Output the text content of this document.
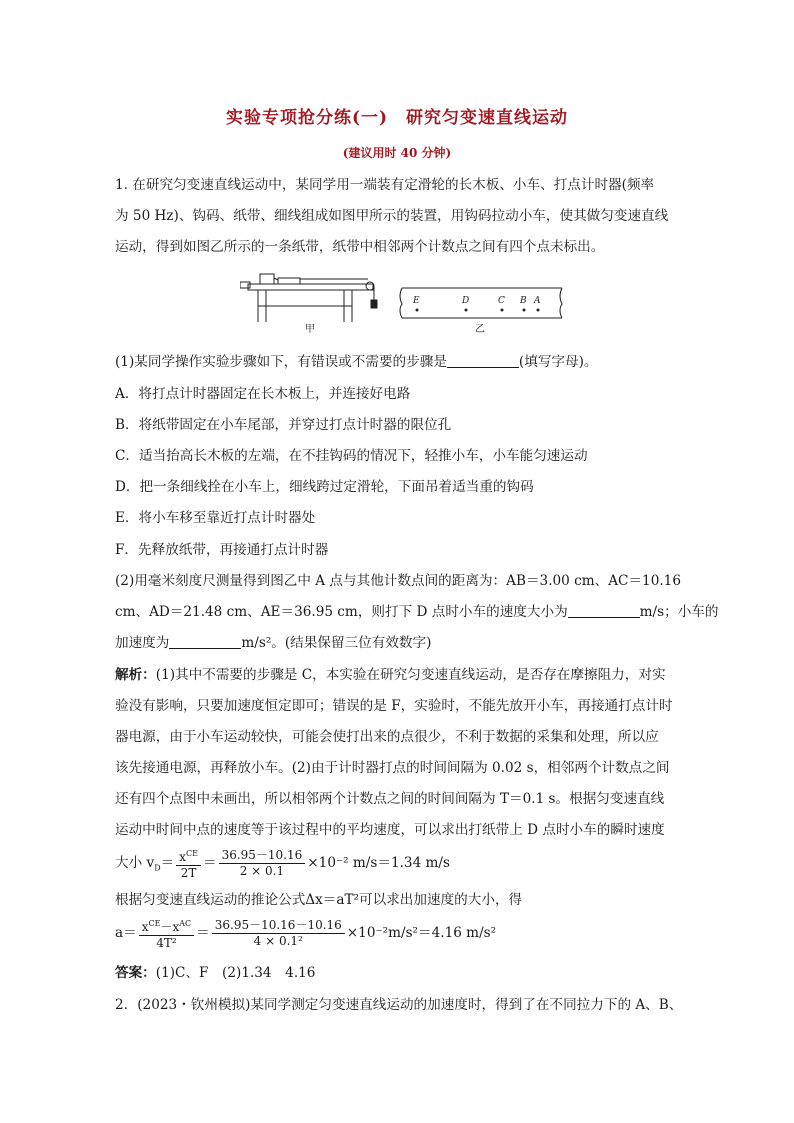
实验专项抢分练(一)　研究匀变速直线运动
(建议用时 40 分钟)
1. 在研究匀变速直线运动中，某同学用一端装有定滑轮的长木板、小车、打点计时器(频率
为 50 Hz)、钩码、纸带、细线组成如图甲所示的装置，用钩码拉动小车，使其做匀变速直线
运动，得到如图乙所示的一条纸带，纸带中相邻两个计数点之间有四个点未标出。
甲
E	D	C B A
乙
(1)某同学操作实验步骤如下，有错误或不需要的步骤是	(填写字母)。
A．将打点计时器固定在长木板上，并连接好电路
B．将纸带固定在小车尾部，并穿过打点计时器的限位孔
C．适当抬高长木板的左端，在不挂钩码的情况下，轻推小车，小车能匀速运动
D．把一条细线拴在小车上，细线跨过定滑轮，下面吊着适当重的钩码
E．将小车移至靠近打点计时器处
F．先释放纸带，再接通打点计时器
(2)用毫米刻度尺测量得到图乙中 A 点与其他计数点间的距离为：AB＝3.00 cm、AC＝10.16
cm、AD＝21.48 cm、AE＝36.95 cm，则打下 D 点时小车的速度大小为	m/s；小车的
加速度为	m/s²。(结果保留三位有效数字)
解析：(1)其中不需要的步骤是 C，本实验在研究匀变速直线运动，是否存在摩擦阻力，对实
验没有影响，只要加速度恒定即可；错误的是 F，实验时，不能先放开小车，再接通打点计时
器电源，由于小车运动较快，可能会使打出来的点很少，不利于数据的采集和处理，所以应
该先接通电源，再释放小车。(2)由于计时器打点的时间间隔为 0.02 s，相邻两个计数点之间
还有四个点图中未画出，所以相邻两个计数点之间的时间间隔为 T＝0.1 s。根据匀变速直线
运动中时间中点的速度等于该过程中的平均速度，可以求出打纸带上 D 点时小车的瞬时速度
大小 $v_D= \frac{x^{CE}}{2T} = \frac{36.95-10.16}{2 \times 0.1} \times 10^{-2}$ m/s＝1.34 m/s
根据匀变速直线运动的推论公式Δx＝aT²可以求出加速度的大小，得
$a= \frac{x^{CE}-x^{AC}}{\text{4T²}} = \frac{36.95-10.16-10.16}{\text{4 × 0.1²}} \times 10^{-2}m/s^2=4.16$ m/s²
答案：(1)C、F　(2)1.34　4.16
2．(2023・钦州模拟)某同学测定匀变速直线运动的加速度时，得到了在不同拉力下的 A、B、
